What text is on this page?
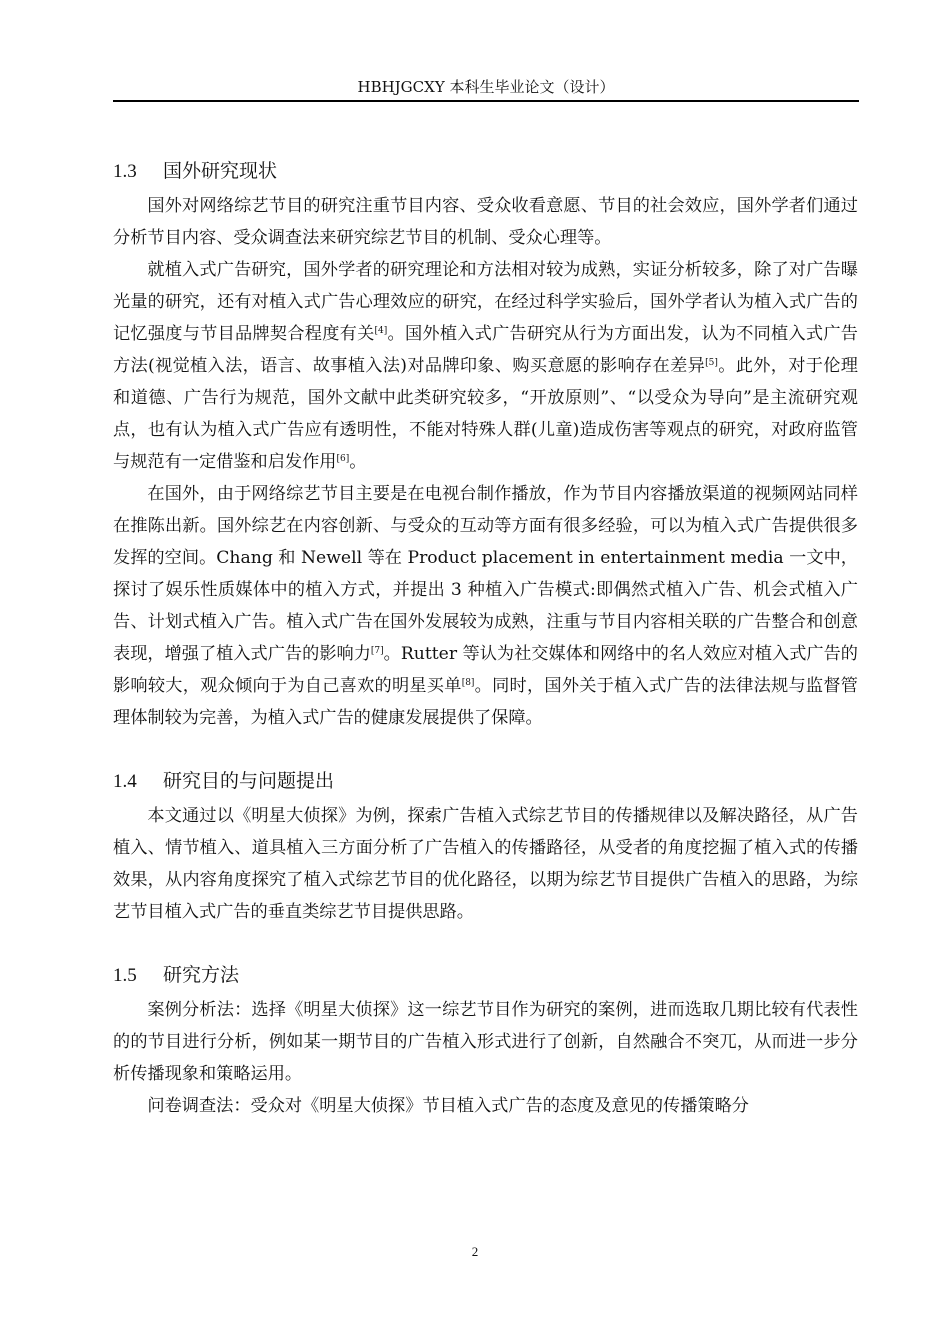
HBHJGCXY 本科生毕业论文（设计）
1.3 国外研究现状

国外对网络综艺节目的研究注重节目内容、受众收看意愿、节目的社会效应，国外学者们通过分析节目内容、受众调查法来研究综艺节目的机制、受众心理等。

就植入式广告研究，国外学者的研究理论和方法相对较为成熟，实证分析较多，除了对广告曝光量的研究，还有对植入式广告心理效应的研究，在经过科学实验后，国外学者认为植入式广告的记忆强度与节目品牌契合程度有关[4]。国外植入式广告研究从行为方面出发，认为不同植入式广告方法(视觉植入法，语言、故事植入法)对品牌印象、购买意愿的影响存在差异[5]。此外，对于伦理和道德、广告行为规范，国外文献中此类研究较多，“开放原则”、“以受众为导向”是主流研究观点，也有认为植入式广告应有透明性，不能对特殊人群(儿童)造成伤害等观点的研究，对政府监管与规范有一定借鉴和启发作用[6]。

在国外，由于网络综艺节目主要是在电视台制作播放，作为节目内容播放渠道的视频网站同样在推陈出新。国外综艺在内容创新、与受众的互动等方面有很多经验，可以为植入式广告提供很多发挥的空间。Chang 和 Newell 等在 Product placement in entertainment media 一文中，探讨了娱乐性质媒体中的植入方式，并提出 3 种植入广告模式:即偶然式植入广告、机会式植入广告、计划式植入广告。植入式广告在国外发展较为成熟，注重与节目内容相关联的广告整合和创意表现，增强了植入式广告的影响力[7]。Rutter 等认为社交媒体和网络中的名人效应对植入式广告的影响较大，观众倾向于为自己喜欢的明星买单[8]。同时，国外关于植入式广告的法律法规与监督管理体制较为完善，为植入式广告的健康发展提供了保障。

1.4 研究目的与问题提出

本文通过以《明星大侦探》为例，探索广告植入式综艺节目的传播规律以及解决路径，从广告植入、情节植入、道具植入三方面分析了广告植入的传播路径，从受者的角度挖掘了植入式的传播效果，从内容角度探究了植入式综艺节目的优化路径，以期为综艺节目提供广告植入的思路，为综艺节目植入式广告的垂直类综艺节目提供思路。

1.5 研究方法

案例分析法：选择《明星大侦探》这一综艺节目作为研究的案例，进而选取几期比较有代表性的的节目进行分析，例如某一期节目的广告植入形式进行了创新，自然融合不突兀，从而进一步分析传播现象和策略运用。

问卷调查法：受众对《明星大侦探》节目植入式广告的态度及意见的传播策略分

2
